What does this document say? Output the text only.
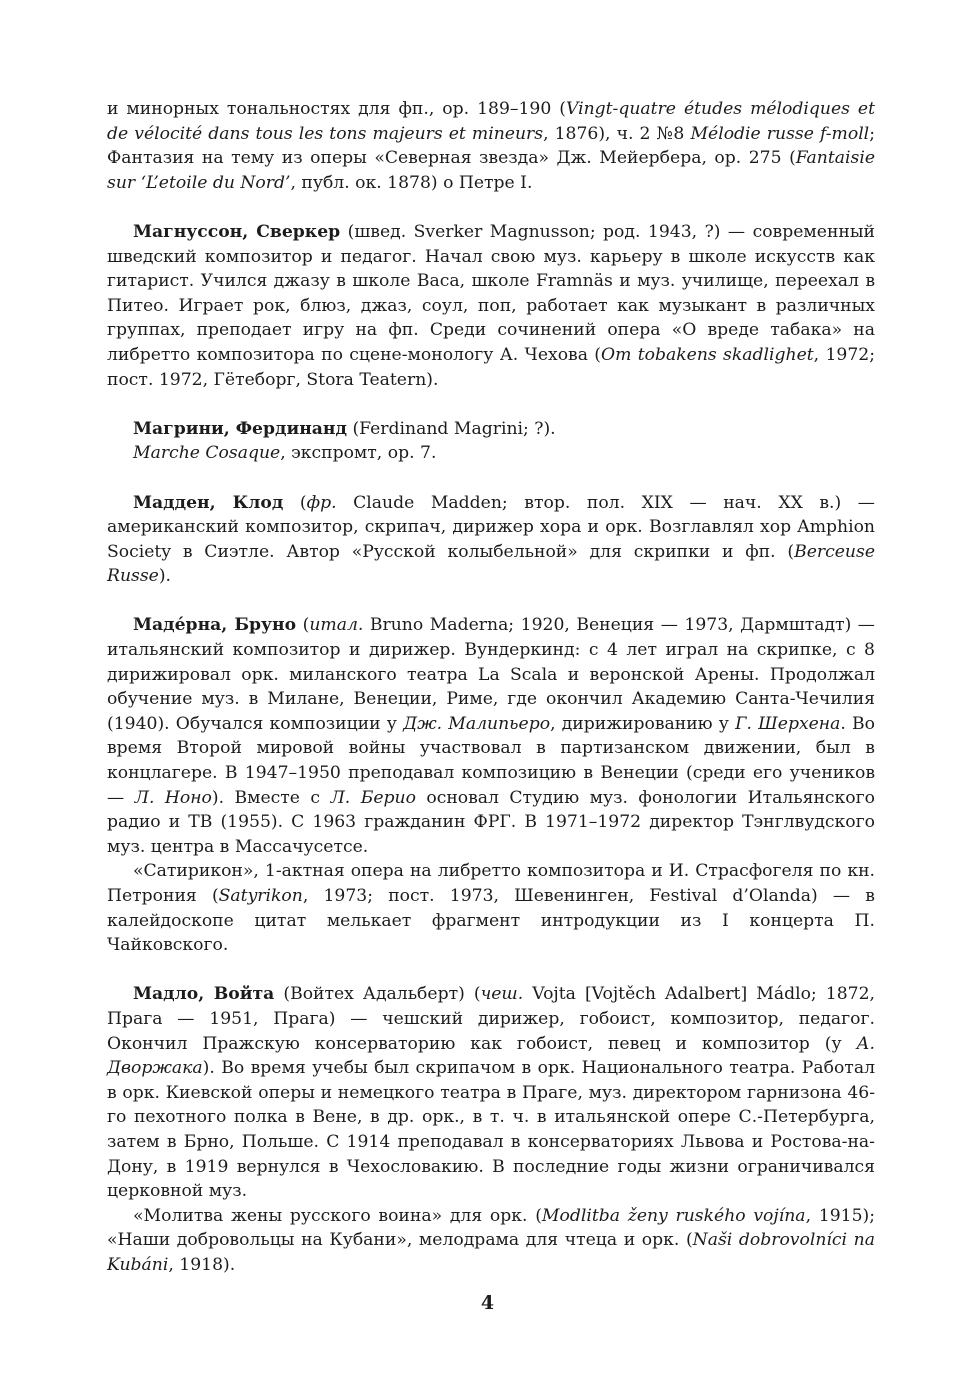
и минорных тональностях для фп., ор. 189–190 (Vingt-quatre études mélodiques et de vélocité dans tous les tons majeurs et mineurs, 1876), ч. 2 №8 Mélodie russe f-moll; Фантазия на тему из оперы «Северная звезда» Дж. Мейербера, ор. 275 (Fantaisie sur ‘L’etoile du Nord’, публ. ок. 1878) о Петре I.

Магнуссон, Сверкер (швед. Sverker Magnusson; род. 1943, ?) — современный шведский композитор и педагог. Начал свою муз. карьеру в школе искусств как гитарист. Учился джазу в школе Васа, школе Framnäs и муз. училище, переехал в Питео. Играет рок, блюз, джаз, соул, поп, работает как музыкант в различных группах, преподает игру на фп. Среди сочинений опера «О вреде табака» на либретто композитора по сцене-монологу А. Чехова (Om tobakens skadlighet, 1972; пост. 1972, Гётеборг, Stora Teatern).

Магрини, Фердинанд (Ferdinand Magrini; ?).

Marche Cosaque, экспромт, ор. 7.

Мадден, Клод (фр. Claude Madden; втор. пол. XIX — нач. XX в.) — американский композитор, скрипач, дирижер хора и орк. Возглавлял хор Amphion Society в Сиэтле. Автор «Русской колыбельной» для скрипки и фп. (Berceuse Russe).

Маде́рна, Бруно (итал. Bruno Maderna; 1920, Венеция — 1973, Дармштадт) — итальянский композитор и дирижер. Вундеркинд: с 4 лет играл на скрипке, с 8 дирижировал орк. миланского театра La Scala и веронской Арены. Продолжал обучение муз. в Милане, Венеции, Риме, где окончил Академию Санта-Чечилия (1940). Обучался композиции у Дж. Малипьеро, дирижированию у Г. Шерхена. Во время Второй мировой войны участвовал в партизанском движении, был в концлагере. В 1947–1950 преподавал композицию в Венеции (среди его учеников — Л. Ноно). Вместе с Л. Берио основал Студию муз. фонологии Итальянского радио и ТВ (1955). С 1963 гражданин ФРГ. В 1971–1972 директор Тэнглвудского муз. центра в Массачусетсе.

«Сатирикон», 1-актная опера на либретто композитора и И. Страсфогеля по кн. Петрония (Satyrikon, 1973; пост. 1973, Шевенинген, Festival d’Olanda) — в калейдоскопе цитат мелькает фрагмент интродукции из I концерта П. Чайковского.

Мадло, Войта (Войтех Адальберт) (чеш. Vojta [Vojtěch Adalbert] Mádlo; 1872, Прага — 1951, Прага) — чешский дирижер, гобоист, композитор, педагог. Окончил Пражскую консерваторию как гобоист, певец и композитор (у А. Дворжака). Во время учебы был скрипачом в орк. Национального театра. Работал в орк. Киевской оперы и немецкого театра в Праге, муз. директором гарнизона 46-го пехотного полка в Вене, в др. орк., в т. ч. в итальянской опере С.-Петербурга, затем в Брно, Польше. С 1914 преподавал в консерваториях Львова и Ростова-на-Дону, в 1919 вернулся в Чехословакию. В последние годы жизни ограничивался церковной муз.

«Молитва жены русского воина» для орк. (Modlitba ženy ruského vojína, 1915); «Наши добровольцы на Кубани», мелодрама для чтеца и орк. (Naši dobrovolníci na Kubáni, 1918).

4
